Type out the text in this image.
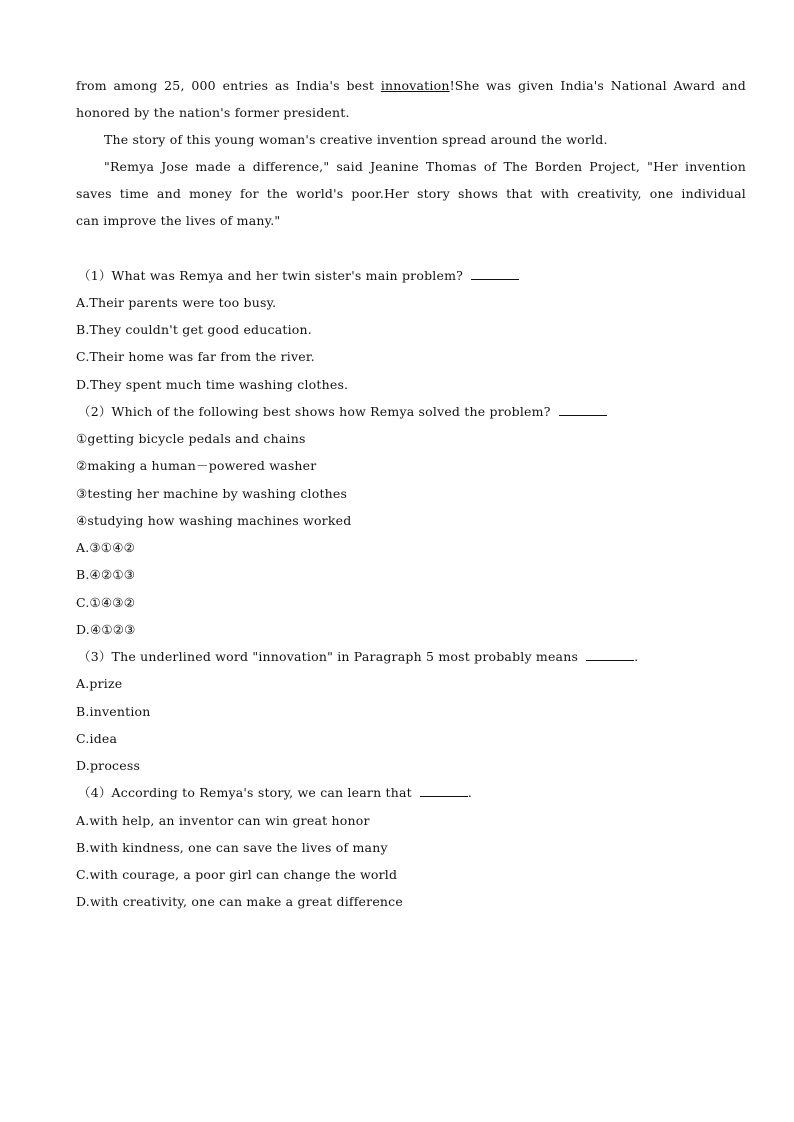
from among 25, 000 entries as India's best innovation!She was given India's National Award and
honored by the nation's former president.
The story of this young woman's creative invention spread around the world.
"Remya Jose made a difference," said Jeanine Thomas of The Borden Project, "Her invention
saves time and money for the world's poor.Her story shows that with creativity, one individual
can improve the lives of many."
（1）What was Remya and her twin sister's main problem?
A.Their parents were too busy.
B.They couldn't get good education.
C.Their home was far from the river.
D.They spent much time washing clothes.
（2）Which of the following best shows how Remya solved the problem?
①getting bicycle pedals and chains
②making a human－powered washer
③testing her machine by washing clothes
④studying how washing machines worked
A.③①④②
B.④②①③
C.①④③②
D.④①②③
（3）The underlined word "innovation" in Paragraph 5 most probably means	.
A.prize
B.invention
C.idea
D.process
（4）According to Remya's story, we can learn that	.
A.with help, an inventor can win great honor
B.with kindness, one can save the lives of many
C.with courage, a poor girl can change the world
D.with creativity, one can make a great difference
